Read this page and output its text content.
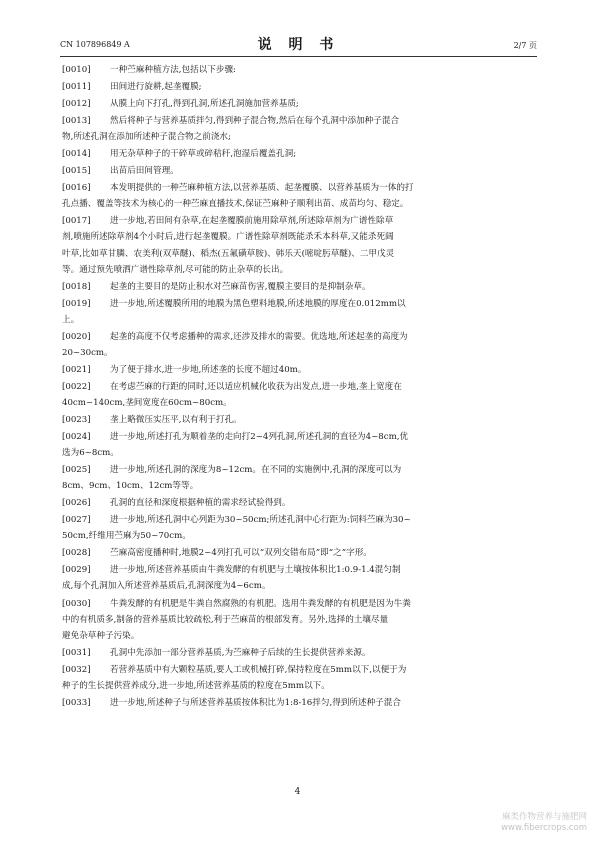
CN 107896849 A	说 明 书	2/7 页
[0010] 一种苎麻种植方法,包括以下步骤:
[0011] 田间进行旋耕,起垄覆膜;
[0012] 从膜上向下打孔,得到孔洞,所述孔洞施加营养基质;
[0013] 然后将种子与营养基质拌匀,得到种子混合物,然后在每个孔洞中添加种子混合
物,所述孔洞在添加所述种子混合物之前浇水;
[0014] 用无杂草种子的干碎草或碎秸秆,泡湿后覆盖孔洞;
[0015] 出苗后田间管理。
[0016] 本发明提供的一种苎麻种植方法,以营养基质、起垄覆膜、以营养基质为一体的打
孔点播、覆盖等技术为核心的一种苎麻直播技术,保证苎麻种子顺利出苗、成苗均匀、稳定。
[0017] 进一步地,若田间有杂草,在起垄覆膜前施用除草剂,所述除草剂为广谱性除草
剂,喷施所述除草剂4个小时后,进行起垄覆膜。广谱性除草剂既能杀禾本科草,又能杀死阔
叶草,比如草甘膦、农美利(双草醚)、稻杰(五氟磺草胺)、韩乐天(嘧啶肟草醚)、二甲戊灵
等。通过预先喷洒广谱性除草剂,尽可能的防止杂草的长出。
[0018] 起垄的主要目的是防止积水对苎麻苗伤害,覆膜主要目的是抑制杂草。
[0019] 进一步地,所述覆膜所用的地膜为黑色塑料地膜,所述地膜的厚度在0.012mm以
上。
[0020] 起垄的高度不仅考虑播种的需求,还涉及排水的需要。优选地,所述起垄的高度为
20~30cm。
[0021] 为了便于排水,进一步地,所述垄的长度不超过40m。
[0022] 在考虑苎麻的行距的同时,还以适应机械化收获为出发点,进一步地,垄上宽度在
40cm~140cm,垄间宽度在60cm~80cm。
[0023] 垄上略微压实压平,以有利于打孔。
[0024] 进一步地,所述打孔为顺着垄的走向打2~4列孔洞,所述孔洞的直径为4~8cm,优
选为6~8cm。
[0025] 进一步地,所述孔洞的深度为8~12cm。在不同的实施例中,孔洞的深度可以为
8cm、9cm、10cm、12cm等等。
[0026] 孔洞的直径和深度根据种植的需求经试验得到。
[0027] 进一步地,所述孔洞中心列距为30~50cm;所述孔洞中心行距为:饲料苎麻为30~
50cm,纤维用苎麻为50~70cm。
[0028] 苎麻高密度播种时,地膜2~4列打孔可以“双列交错布局”即“之”字形。
[0029] 进一步地,所述营养基质由牛粪发酵的有机肥与土壤按体积比1:0.9-1.4混匀制
成,每个孔洞加入所述营养基质后,孔洞深度为4~6cm。
[0030] 牛粪发酵的有机肥是牛粪自然腐熟的有机肥。选用牛粪发酵的有机肥是因为牛粪
中的有机质多,制备的营养基质比较疏松,利于苎麻苗的根部发育。另外,选择的土壤尽量
避免杂草种子污染。
[0031] 孔洞中先添加一部分营养基质,为苎麻种子后续的生长提供营养来源。
[0032] 若营养基质中有大颗粒基质,要人工或机械打碎,保持粒度在5mm以下,以便于为
种子的生长提供营养成分,进一步地,所述营养基质的粒度在5mm以下。
[0033] 进一步地,所述种子与所述营养基质按体积比为1:8-16拌匀,得到所述种子混合
4
麻类作物营养与施肥网
www.fibercrops.com
